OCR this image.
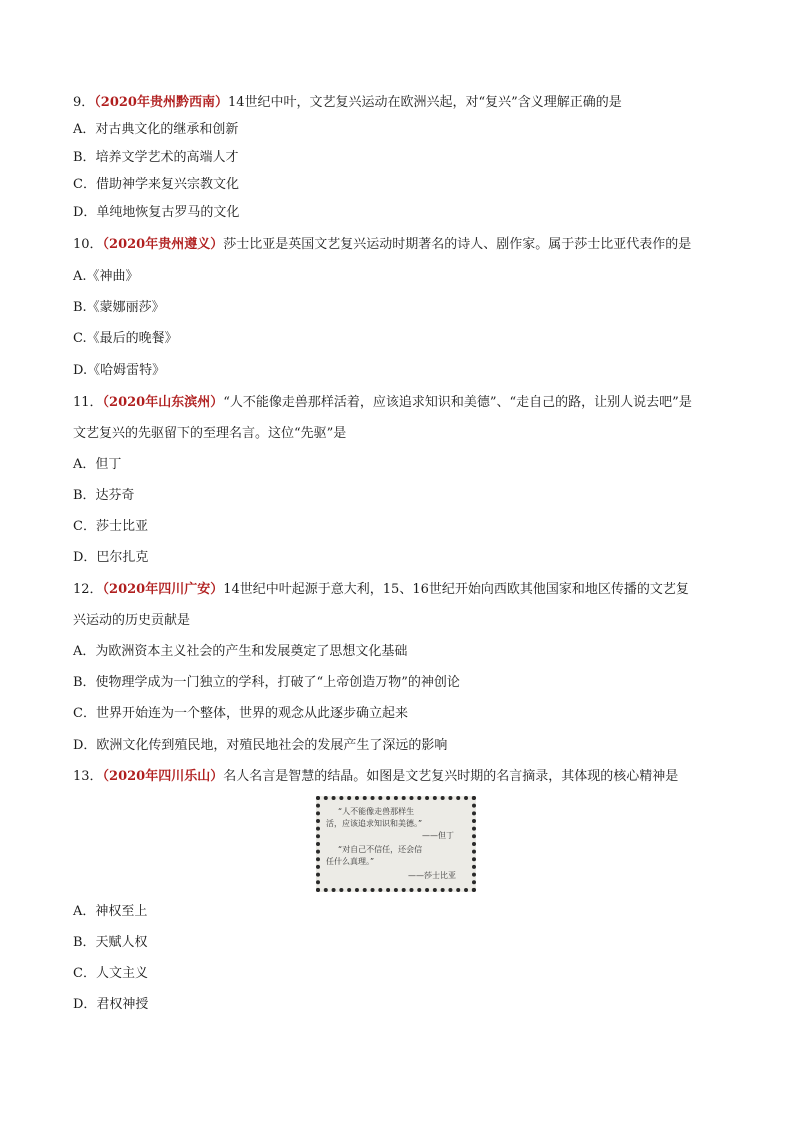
9．（2020年贵州黔西南）14世纪中叶，文艺复兴运动在欧洲兴起，对“复兴”含义理解正确的是
A．对古典文化的继承和创新
B．培养文学艺术的高端人才
C．借助神学来复兴宗教文化
D．单纯地恢复古罗马的文化
10．（2020年贵州遵义）莎士比亚是英国文艺复兴运动时期著名的诗人、剧作家。属于莎士比亚代表作的是
A.《神曲》
B.《蒙娜丽莎》
C.《最后的晚餐》
D.《哈姆雷特》
11．（2020年山东滨州）“人不能像走兽那样活着，应该追求知识和美德”、“走自己的路，让别人说去吧”是
文艺复兴的先驱留下的至理名言。这位“先驱”是
A．但丁
B．达芬奇
C．莎士比亚
D．巴尔扎克
12．（2020年四川广安）14世纪中叶起源于意大利，15、16世纪开始向西欧其他国家和地区传播的文艺复
兴运动的历史贡献是
A．为欧洲资本主义社会的产生和发展奠定了思想文化基础
B．使物理学成为一门独立的学科，打破了“上帝创造万物”的神创论
C．世界开始连为一个整体，世界的观念从此逐步确立起来
D．欧洲文化传到殖民地，对殖民地社会的发展产生了深远的影响
13．（2020年四川乐山）名人名言是智慧的结晶。如图是文艺复兴时期的名言摘录，其体现的核心精神是
“人不能像走兽那样生
活，应该追求知识和美德。”
——但丁
“对自己不信任，还会信
任什么真理。”
——莎士比亚
A．神权至上
B．天赋人权
C．人文主义
D．君权神授
